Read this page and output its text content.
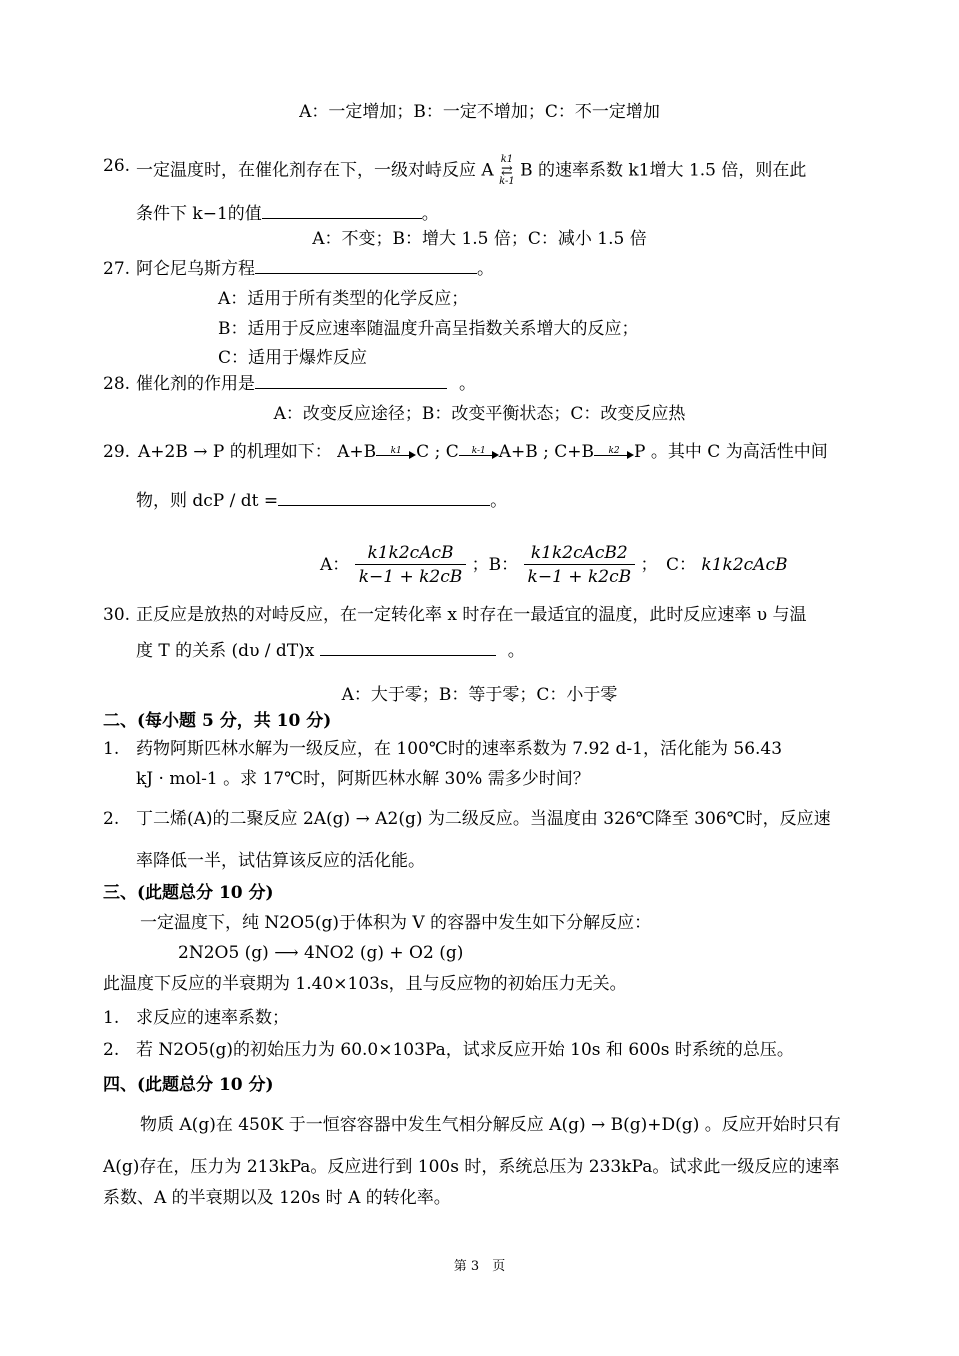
A：一定增加；B：一定不增加；C：不一定增加
26. 一定温度时，在催化剂存在下，一级对峙反应 A
k1
⇄
k-1
B 的速率系数 k1增大 1.5 倍，则在此
条件下 k−1的值	。
A：不变；B：增大 1.5 倍；C：减小 1.5 倍
27. 阿仑尼乌斯方程	。
A：适用于所有类型的化学反应；
B：适用于反应速率随温度升高呈指数关系增大的反应；
C：适用于爆炸反应
28. 催化剂的作用是	。
A：改变反应途径；B：改变平衡状态；C：改变反应热
29. A+2B → P 的机理如下： A+B	k1 C ; C	k-1 A+B ; C+B	k2 P 。其中 C 为高活性中间
物，则 dcP / dt =	。
A： $\frac{\text{k1k2cAcB}}{k-1 + k2cB}$ ；B： $\frac{\text{k1k2cAcB2}}{k-1 + k2cB}$ ；　C： k1k2cAcB
30. 正反应是放热的对峙反应，在一定转化率 x 时存在一最适宜的温度，此时反应速率 υ 与温
度 T 的关系 (dυ / dT)x	。
A：大于零；B：等于零；C：小于零
二、(每小题 5 分，共 10 分)
1. 药物阿斯匹林水解为一级反应，在 100℃时的速率系数为 7.92 d-1，活化能为 56.43
kJ · mol-1 。求 17℃时，阿斯匹林水解 30% 需多少时间？
2. 丁二烯(A)的二聚反应 2A(g) → A2(g) 为二级反应。当温度由 326℃降至 306℃时，反应速
率降低一半，试估算该反应的活化能。
三、(此题总分 10 分)
一定温度下，纯 N2O5(g)于体积为 V 的容器中发生如下分解反应：
2N2O5 (g) ⟶ 4NO2 (g) + O2 (g)
此温度下反应的半衰期为 1.40×103s，且与反应物的初始压力无关。
1. 求反应的速率系数；
2. 若 N2O5(g)的初始压力为 60.0×103Pa，试求反应开始 10s 和 600s 时系统的总压。
四、(此题总分 10 分)
物质 A(g)在 450K 于一恒容容器中发生气相分解反应 A(g) → B(g)+D(g) 。反应开始时只有
A(g)存在，压力为 213kPa。反应进行到 100s 时，系统总压为 233kPa。试求此一级反应的速率
系数、A 的半衰期以及 120s 时 A 的转化率。
第 3　页
